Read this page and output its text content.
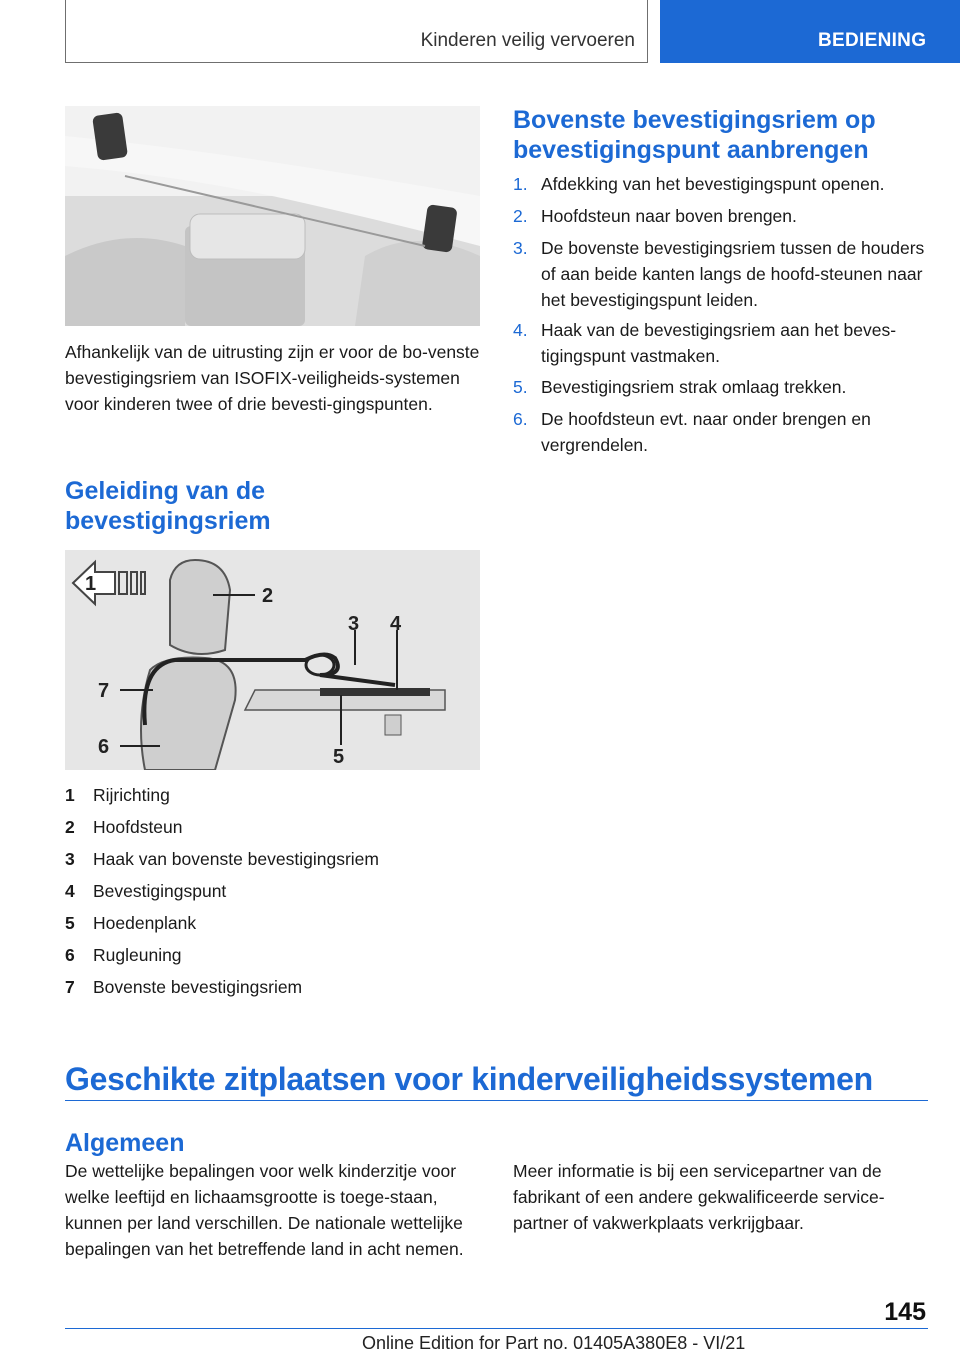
Kinderen veilig vervoeren	BEDIENING
Afhankelijk van de uitrusting zijn er voor de bo-venste bevestigingsriem van ISOFIX-veiligheids-systemen voor kinderen twee of drie bevesti-gingspunten.
Geleiding van de bevestigingsriem
1
2
3 4
5
6
7
1 Rijrichting
2 Hoofdsteun
3 Haak van bovenste bevestigingsriem
4 Bevestigingspunt
5 Hoedenplank
6 Rugleuning
7 Bovenste bevestigingsriem
Bovenste bevestigingsriem op bevestigingspunt aanbrengen
1. Afdekking van het bevestigingspunt openen.
2. Hoofdsteun naar boven brengen.
3. De bovenste bevestigingsriem tussen de houders of aan beide kanten langs de hoofd-steunen naar het bevestigingspunt leiden.
4. Haak van de bevestigingsriem aan het beves-tigingspunt vastmaken.
5. Bevestigingsriem strak omlaag trekken.
6. De hoofdsteun evt. naar onder brengen en vergrendelen.
Geschikte zitplaatsen voor kinderveiligheidssystemen
Algemeen
De wettelijke bepalingen voor welk kinderzitje voor welke leeftijd en lichaamsgrootte is toege-staan, kunnen per land verschillen. De nationale wettelijke bepalingen van het betreffende land in acht nemen.
Meer informatie is bij een servicepartner van de fabrikant of een andere gekwalificeerde service-partner of vakwerkplaats verkrijgbaar.
145
Online Edition for Part no. 01405A380E8 - VI/21
